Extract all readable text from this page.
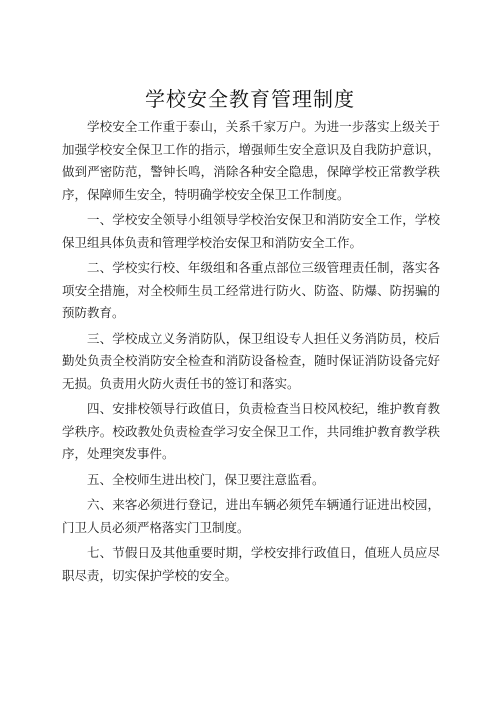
学校安全教育管理制度

学校安全工作重于泰山，关系千家万户。为进一步落实上级关于加强学校安全保卫工作的指示，增强师生安全意识及自我防护意识，做到严密防范，警钟长鸣，消除各种安全隐患，保障学校正常教学秩序，保障师生安全，特明确学校安全保卫工作制度。

一、学校安全领导小组领导学校治安保卫和消防安全工作，学校保卫组具体负责和管理学校治安保卫和消防安全工作。

二、学校实行校、年级组和各重点部位三级管理责任制，落实各项安全措施，对全校师生员工经常进行防火、防盗、防爆、防拐骗的预防教育。

三、学校成立义务消防队，保卫组设专人担任义务消防员，校后勤处负责全校消防安全检查和消防设备检查，随时保证消防设备完好无损。负责用火防火责任书的签订和落实。

四、安排校领导行政值日，负责检查当日校风校纪，维护教育教学秩序。校政教处负责检查学习安全保卫工作，共同维护教育教学秩序，处理突发事件。

五、全校师生进出校门，保卫要注意监看。

六、来客必须进行登记，进出车辆必须凭车辆通行证进出校园，门卫人员必须严格落实门卫制度。

七、节假日及其他重要时期，学校安排行政值日，值班人员应尽职尽责，切实保护学校的安全。
